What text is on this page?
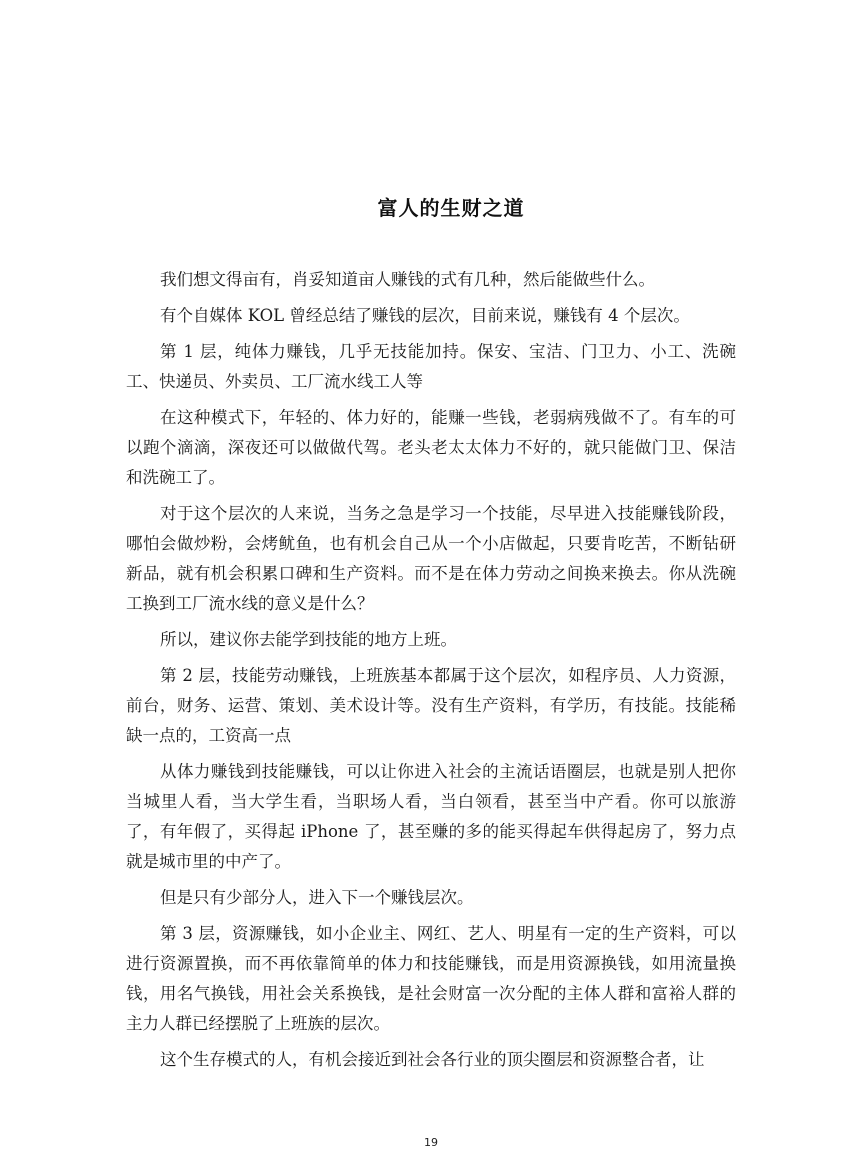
富人的生财之道

我们想文得亩有，肖妥知道亩人赚钱的式有几种，然后能做些什么。

有个自媒体 KOL 曾经总结了赚钱的层次，目前来说，赚钱有 4 个层次。

第 1 层，纯体力赚钱，几乎无技能加持。保安、宝洁、门卫力、小工、洗碗工、快递员、外卖员、工厂流水线工人等

在这种模式下，年轻的、体力好的，能赚一些钱，老弱病残做不了。有车的可以跑个滴滴，深夜还可以做做代驾。老头老太太体力不好的，就只能做门卫、保洁和洗碗工了。

对于这个层次的人来说，当务之急是学习一个技能，尽早进入技能赚钱阶段，哪怕会做炒粉，会烤鱿鱼，也有机会自己从一个小店做起，只要肯吃苦，不断钻研新品，就有机会积累口碑和生产资料。而不是在体力劳动之间换来换去。你从洗碗工换到工厂流水线的意义是什么？

所以，建议你去能学到技能的地方上班。

第 2 层，技能劳动赚钱，上班族基本都属于这个层次，如程序员、人力资源，前台，财务、运营、策划、美术设计等。没有生产资料，有学历，有技能。技能稀缺一点的，工资高一点

从体力赚钱到技能赚钱，可以让你进入社会的主流话语圈层，也就是别人把你当城里人看，当大学生看，当职场人看，当白领看，甚至当中产看。你可以旅游了，有年假了，买得起 iPhone 了，甚至赚的多的能买得起车供得起房了，努力点就是城市里的中产了。

但是只有少部分人，进入下一个赚钱层次。

第 3 层，资源赚钱，如小企业主、网红、艺人、明星有一定的生产资料，可以进行资源置换，而不再依靠简单的体力和技能赚钱，而是用资源换钱，如用流量换钱，用名气换钱，用社会关系换钱，是社会财富一次分配的主体人群和富裕人群的主力人群已经摆脱了上班族的层次。

这个生存模式的人，有机会接近到社会各行业的顶尖圈层和资源整合者，让

19
